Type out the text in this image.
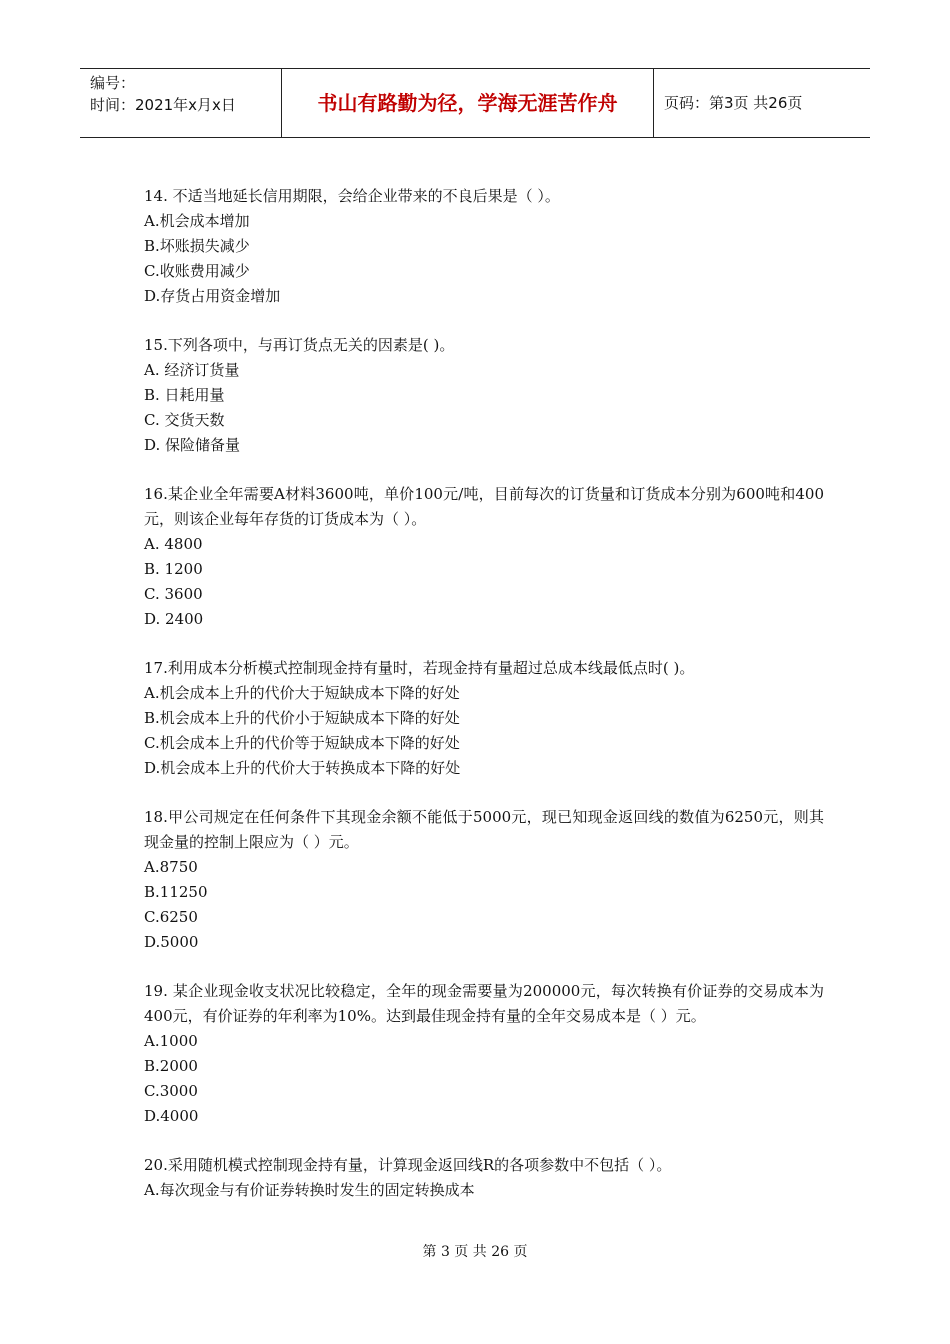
编号：
时间：2021年x月x日	书山有路勤为径，学海无涯苦作舟	页码：第3页 共26页

14. 不适当地延长信用期限，会给企业带来的不良后果是（ ）。

A.机会成本增加

B.坏账损失减少

C.收账费用减少

D.存货占用资金增加

15.下列各项中，与再订货点无关的因素是( )。

A. 经济订货量

B. 日耗用量

C. 交货天数

D. 保险储备量

16.某企业全年需要A材料3600吨，单价100元/吨，目前每次的订货量和订货成本分别为600吨和400元，则该企业每年存货的订货成本为（ ）。

A. 4800

B. 1200

C. 3600

D. 2400

17.利用成本分析模式控制现金持有量时，若现金持有量超过总成本线最低点时( )。

A.机会成本上升的代价大于短缺成本下降的好处

B.机会成本上升的代价小于短缺成本下降的好处

C.机会成本上升的代价等于短缺成本下降的好处

D.机会成本上升的代价大于转换成本下降的好处

18.甲公司规定在任何条件下其现金余额不能低于5000元，现已知现金返回线的数值为6250元，则其现金量的控制上限应为（ ）元。

A.8750

B.11250

C.6250

D.5000

19. 某企业现金收支状况比较稳定，全年的现金需要量为200000元，每次转换有价证券的交易成本为400元，有价证券的年利率为10%。达到最佳现金持有量的全年交易成本是（ ）元。

A.1000

B.2000

C.3000

D.4000

20.采用随机模式控制现金持有量，计算现金返回线R的各项参数中不包括（ ）。

A.每次现金与有价证券转换时发生的固定转换成本

第 3 页 共 26 页
